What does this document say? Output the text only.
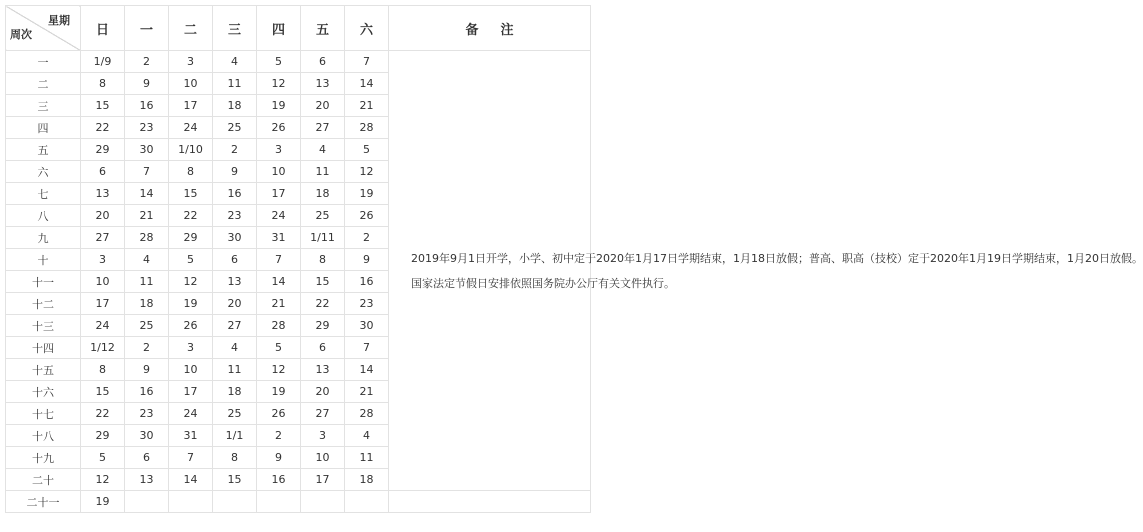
星期
周次	日	一	二	三	四	五	六	备 注
一	1/9	2	3	4	5	6	7	2019年9月1日开学，小学、初中定于2020年1月17日学期结束，1月18日放假；普高、职高（技校）定于2020年1月19日学期结束，1月20日放假。

国家法定节假日安排依照国务院办公厅有关文件执行。

二	8	9	10	11	12	13	14	
三	15	16	17	18	19	20	21	
四	22	23	24	25	26	27	28	
五	29	30	1/10	2	3	4	5	
六	6	7	8	9	10	11	12	
七	13	14	15	16	17	18	19	
八	20	21	22	23	24	25	26	
九	27	28	29	30	31	1/11	2	
十	3	4	5	6	7	8	9	
十一	10	11	12	13	14	15	16	
十二	17	18	19	20	21	22	23	
十三	24	25	26	27	28	29	30	
十四	1/12	2	3	4	5	6	7	
十五	8	9	10	11	12	13	14	
十六	15	16	17	18	19	20	21	
十七	22	23	24	25	26	27	28	
十八	29	30	31	1/1	2	3	4	
十九	5	6	7	8	9	10	11	
二十	12	13	14	15	16	17	18	
二十一	19							
